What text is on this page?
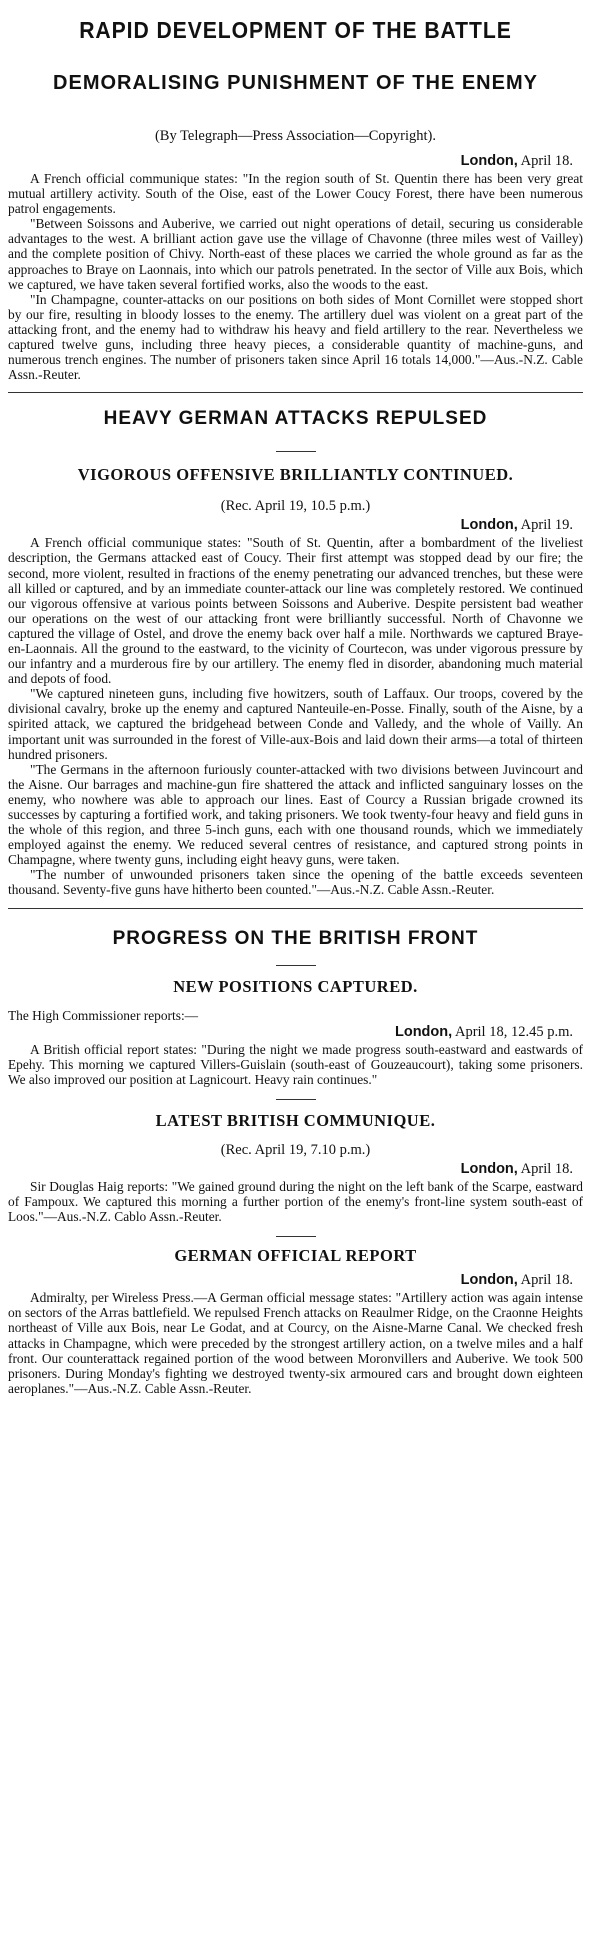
RAPID DEVELOPMENT OF THE BATTLE
DEMORALISING PUNISHMENT OF THE ENEMY

(By Telegraph—Press Association—Copyright).

London, April 18.

A French official communique states: "In the region south of St. Quentin there has been very great mutual artillery activity. South of the Oise, east of the Lower Coucy Forest, there have been numerous patrol engagements.

"Between Soissons and Auberive, we carried out night operations of detail, securing us considerable advantages to the west. A brilliant action gave use the village of Chavonne (three miles west of Vailley) and the complete position of Chivy. North-east of these places we carried the whole ground as far as the approaches to Braye on Laonnais, into which our patrols penetrated. In the sector of Ville aux Bois, which we captured, we have taken several fortified works, also the woods to the east.

"In Champagne, counter-attacks on our positions on both sides of Mont Cornillet were stopped short by our fire, resulting in bloody losses to the enemy. The artillery duel was violent on a great part of the attacking front, and the enemy had to withdraw his heavy and field artillery to the rear. Nevertheless we captured twelve guns, including three heavy pieces, a considerable quantity of machine-guns, and numerous trench engines. The number of prisoners taken since April 16 totals 14,000."—Aus.-N.Z. Cable Assn.-Reuter.

HEAVY GERMAN ATTACKS REPULSED
VIGOROUS OFFENSIVE BRILLIANTLY CONTINUED.

(Rec. April 19, 10.5 p.m.)

London, April 19.

A French official communique states: "South of St. Quentin, after a bombardment of the liveliest description, the Germans attacked east of Coucy. Their first attempt was stopped dead by our fire; the second, more violent, resulted in fractions of the enemy penetrating our advanced trenches, but these were all killed or captured, and by an immediate counter-attack our line was completely restored. We continued our vigorous offensive at various points between Soissons and Auberive. Despite persistent bad weather our operations on the west of our attacking front were brilliantly successful. North of Chavonne we captured the village of Ostel, and drove the enemy back over half a mile. Northwards we captured Braye-en-Laonnais. All the ground to the eastward, to the vicinity of Courtecon, was under vigorous pressure by our infantry and a murderous fire by our artillery. The enemy fled in disorder, abandoning much material and depots of food.

"We captured nineteen guns, including five howitzers, south of Laffaux. Our troops, covered by the divisional cavalry, broke up the enemy and captured Nanteuile-en-Posse. Finally, south of the Aisne, by a spirited attack, we captured the bridgehead between Conde and Valledy, and the whole of Vailly. An important unit was surrounded in the forest of Ville-aux-Bois and laid down their arms—a total of thirteen hundred prisoners.

"The Germans in the afternoon furiously counter-attacked with two divisions between Juvincourt and the Aisne. Our barrages and machine-gun fire shattered the attack and inflicted sanguinary losses on the enemy, who nowhere was able to approach our lines. East of Courcy a Russian brigade crowned its successes by capturing a fortified work, and taking prisoners. We took twenty-four heavy and field guns in the whole of this region, and three 5-inch guns, each with one thousand rounds, which we immediately employed against the enemy. We reduced several centres of resistance, and captured strong points in Champagne, where twenty guns, including eight heavy guns, were taken.

"The number of unwounded prisoners taken since the opening of the battle exceeds seventeen thousand. Seventy-five guns have hitherto been counted."—Aus.-N.Z. Cable Assn.-Reuter.

PROGRESS ON THE BRITISH FRONT
NEW POSITIONS CAPTURED.

The High Commissioner reports:—

London, April 18, 12.45 p.m.

A British official report states: "During the night we made progress south-eastward and eastwards of Epehy. This morning we captured Villers-Guislain (south-east of Gouzeaucourt), taking some prisoners. We also improved our position at Lagnicourt. Heavy rain continues."

LATEST BRITISH COMMUNIQUE.

(Rec. April 19, 7.10 p.m.)

London, April 18.

Sir Douglas Haig reports: "We gained ground during the night on the left bank of the Scarpe, eastward of Fampoux. We captured this morning a further portion of the enemy's front-line system south-east of Loos."—Aus.-N.Z. Cablo Assn.-Reuter.

GERMAN OFFICIAL REPORT

London, April 18.

Admiralty, per Wireless Press.—A German official message states: "Artillery action was again intense on sectors of the Arras battlefield. We repulsed French attacks on Reaulmer Ridge, on the Craonne Heights northeast of Ville aux Bois, near Le Godat, and at Courcy, on the Aisne-Marne Canal. We checked fresh attacks in Champagne, which were preceded by the strongest artillery action, on a twelve miles and a half front. Our counterattack regained portion of the wood between Moronvillers and Auberive. We took 500 prisoners. During Monday's fighting we destroyed twenty-six armoured cars and brought down eighteen aeroplanes."—Aus.-N.Z. Cable Assn.-Reuter.
